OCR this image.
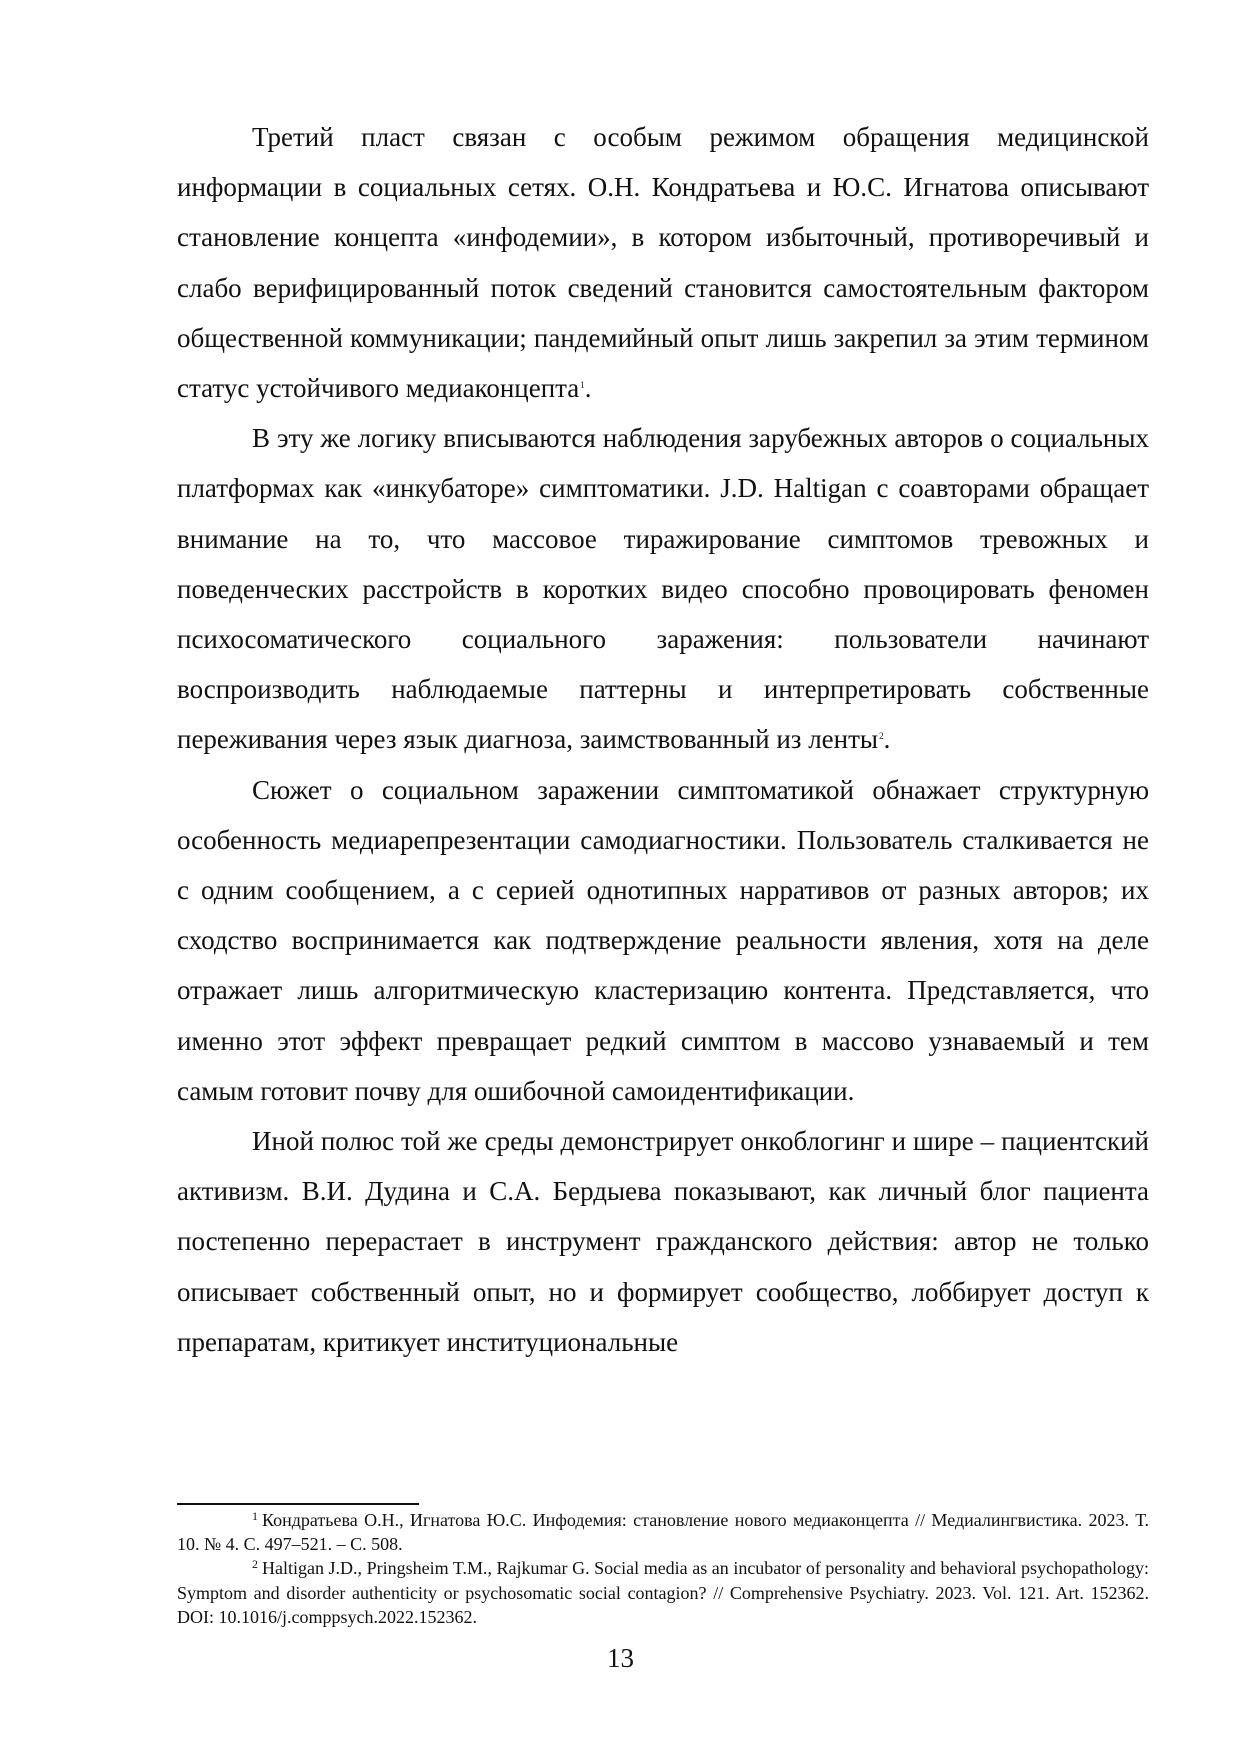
Третий пласт связан с особым режимом обращения медицинской информации в социальных сетях. О.Н. Кондратьева и Ю.С. Игнатова описывают становление концепта «инфодемии», в котором избыточный, противоречивый и слабо верифицированный поток сведений становится самостоятельным фактором общественной коммуникации; пандемийный опыт лишь закрепил за этим термином статус устойчивого медиаконцепта$^1$.

В эту же логику вписываются наблюдения зарубежных авторов о социальных платформах как «инкубаторе» симптоматики. J.D. Haltigan с соавторами обращает внимание на то, что массовое тиражирование симптомов тревожных и поведенческих расстройств в коротких видео способно провоцировать феномен психосоматического социального заражения: пользователи начинают воспроизводить наблюдаемые паттерны и интерпретировать собственные переживания через язык диагноза, заимствованный из ленты$^2$.

Сюжет о социальном заражении симптоматикой обнажает структурную особенность медиарепрезентации самодиагностики. Пользователь сталкивается не с одним сообщением, а с серией однотипных нарративов от разных авторов; их сходство воспринимается как подтверждение реальности явления, хотя на деле отражает лишь алгоритмическую кластеризацию контента. Представляется, что именно этот эффект превращает редкий симптом в массово узнаваемый и тем самым готовит почву для ошибочной самоидентификации.

Иной полюс той же среды демонстрирует онкоблогинг и шире – пациентский активизм. В.И. Дудина и С.А. Бердыева показывают, как личный блог пациента постепенно перерастает в инструмент гражданского действия: автор не только описывает собственный опыт, но и формирует сообщество, лоббирует доступ к препаратам, критикует институциональные

$^1$ Кондратьева О.Н., Игнатова Ю.С. Инфодемия: становление нового медиаконцепта // Медиалингвистика. 2023. Т. 10. № 4. С. 497–521. – С. 508.

$^2$ Haltigan J.D., Pringsheim T.M., Rajkumar G. Social media as an incubator of personality and behavioral psychopathology: Symptom and disorder authenticity or psychosomatic social contagion? // Comprehensive Psychiatry. 2023. Vol. 121. Art. 152362. DOI: 10.1016/j.comppsych.2022.152362.

13
